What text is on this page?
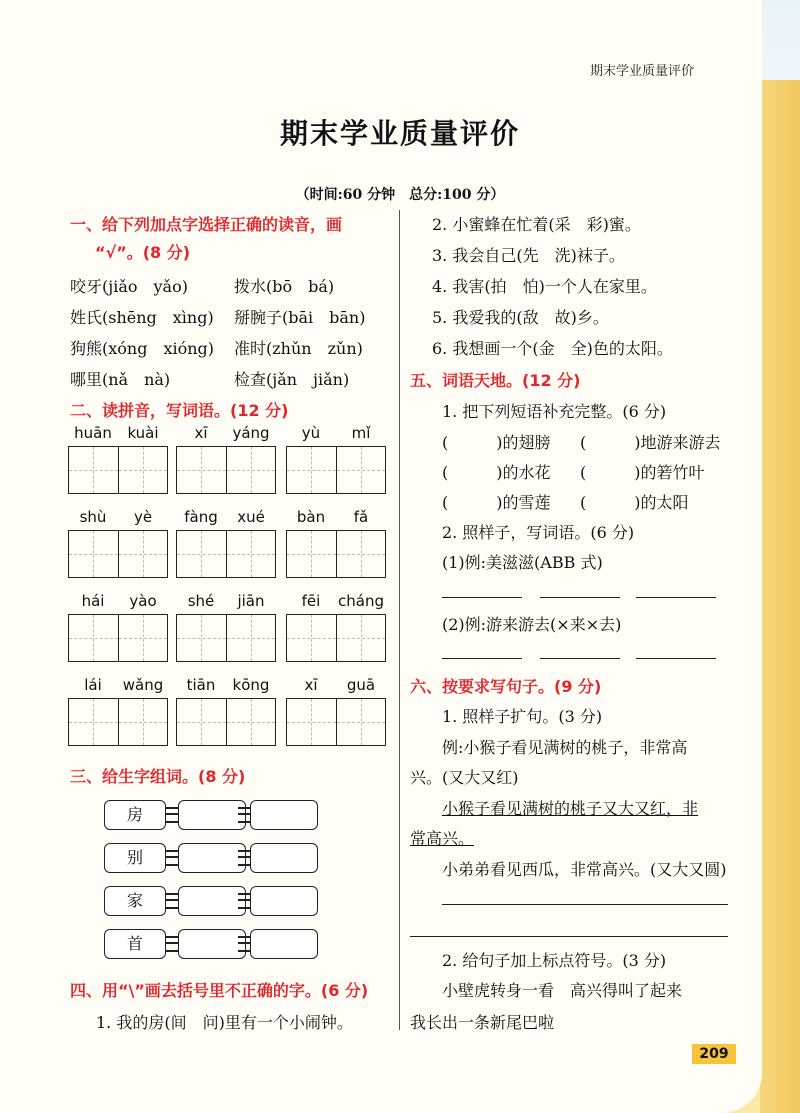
期末学业质量评价
期末学业质量评价
（时间:60 分钟　总分:100 分）
一、给下列加点字选择正确的读音，画
“√”。(8 分)
咬牙(jiǎo　yǎo)	拨水(bō　bá)
姓氏(shēng　xìng) 掰腕子(bāi　bān)
狗熊(xóng　xióng) 准时(zhǔn　zǔn)
哪里(nǎ　nà)	检查(jǎn　jiǎn)
二、读拼音，写词语。(12 分)
huān	kuài	xī	yáng	yù	mǐ
shù	yè	fàng	xué	bàn	fǎ
hái	yào	shé	jiān	fēi	cháng
lái	wǎng	tiān	kōng	xī	guā
三、给生字组词。(8 分)
房
别
家
首
四、用“\”画去括号里不正确的字。(6 分)
1. 我的房(间　问)里有一个小闹钟。
2. 小蜜蜂在忙着(采　彩)蜜。
3. 我会自己(先　洗)袜子。
4. 我害(拍　怕)一个人在家里。
5. 我爱我的(敌　故)乡。
6. 我想画一个(金　全)色的太阳。
五、词语天地。(12 分)
1. 把下列短语补充完整。(6 分)
(　　　)的翅膀 (　　　)地游来游去
(　　　)的水花 (　　　)的箬竹叶
(　　　)的雪莲 (　　　)的太阳
2. 照样子，写词语。(6 分)
(1)例:美滋滋(ABB 式)
(2)例:游来游去(×来×去)
六、按要求写句子。(9 分)
1. 照样子扩句。(3 分)
例:小猴子看见满树的桃子，非常高
兴。(又大又红)
小猴子看见满树的桃子又大又红，非
常高兴。
小弟弟看见西瓜，非常高兴。(又大又圆)
2. 给句子加上标点符号。(3 分)
小壁虎转身一看　高兴得叫了起来
我长出一条新尾巴啦
209
